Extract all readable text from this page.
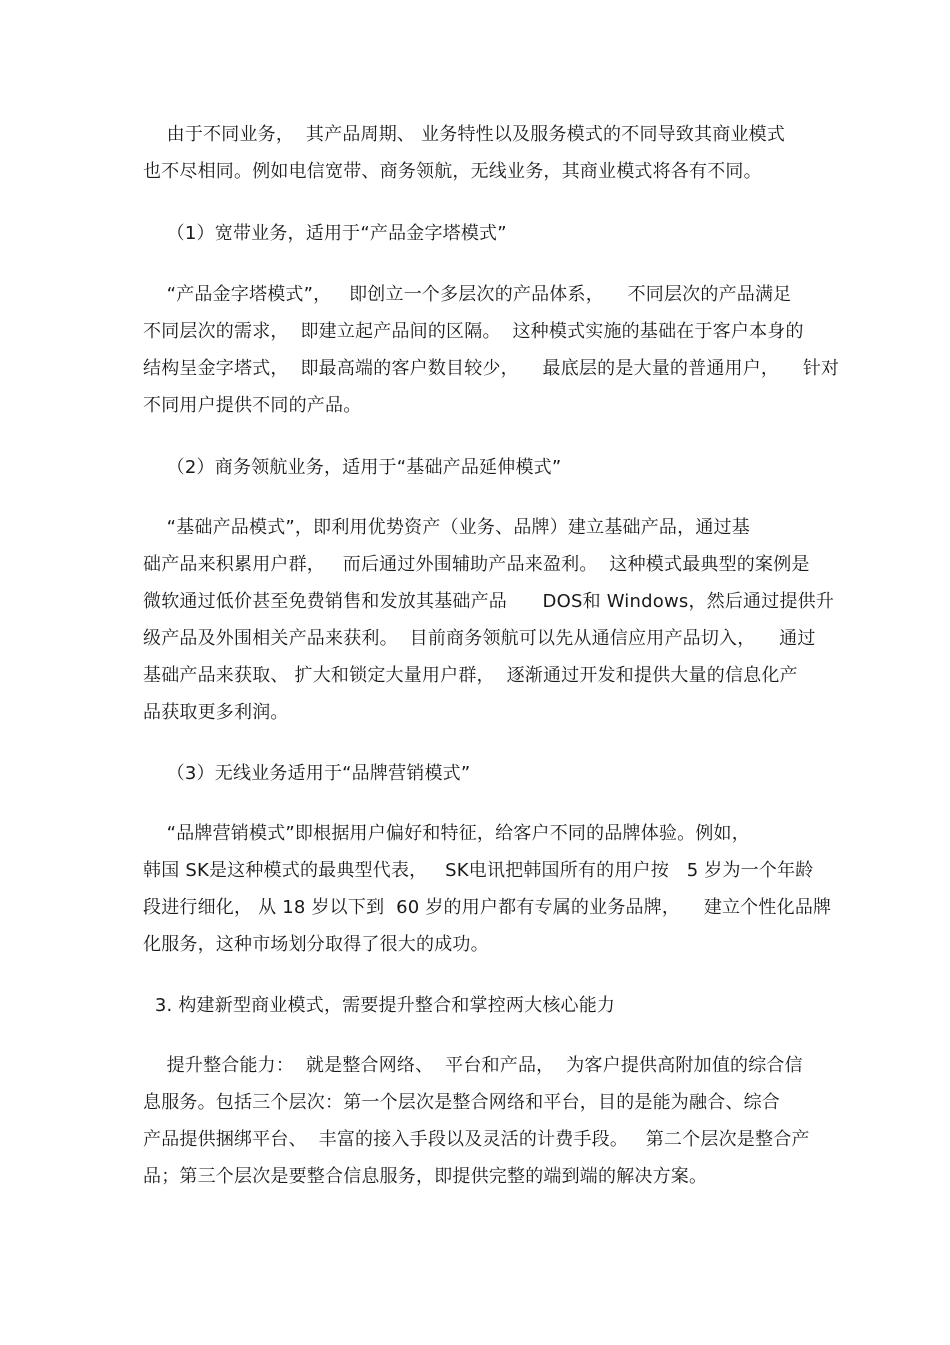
由于不同业务，  其产品周期、 业务特性以及服务模式的不同导致其商业模式
也不尽相同。例如电信宽带、商务领航，无线业务，其商业模式将各有不同。
（1）宽带业务，适用于“产品金字塔模式”
“产品金字塔模式”，   即创立一个多层次的产品体系，    不同层次的产品满足
不同层次的需求，  即建立起产品间的区隔。  这种模式实施的基础在于客户本身的
结构呈金字塔式，  即最高端的客户数目较少，    最底层的是大量的普通用户，    针对
不同用户提供不同的产品。
（2）商务领航业务，适用于“基础产品延伸模式”
“基础产品模式”，即利用优势资产（业务、品牌）建立基础产品，通过基
础产品来积累用户群，   而后通过外围辅助产品来盈利。  这种模式最典型的案例是
微软通过低价甚至免费销售和发放其基础产品      DOS和 Windows，然后通过提供升
级产品及外围相关产品来获利。  目前商务领航可以先从通信应用产品切入，    通过
基础产品来获取、 扩大和锁定大量用户群，  逐渐通过开发和提供大量的信息化产
品获取更多利润。
（3）无线业务适用于“品牌营销模式”
“品牌营销模式”即根据用户偏好和特征，给客户不同的品牌体验。例如，
韩国 SK是这种模式的最典型代表，   SK电讯把韩国所有的用户按   5 岁为一个年龄
段进行细化， 从 18 岁以下到  60 岁的用户都有专属的业务品牌，    建立个性化品牌
化服务，这种市场划分取得了很大的成功。
3. 构建新型商业模式，需要提升整合和掌控两大核心能力
提升整合能力：  就是整合网络、  平台和产品，  为客户提供高附加值的综合信
息服务。包括三个层次：第一个层次是整合网络和平台，目的是能为融合、综合
产品提供捆绑平台、  丰富的接入手段以及灵活的计费手段。   第二个层次是整合产
品；第三个层次是要整合信息服务，即提供完整的端到端的解决方案。
